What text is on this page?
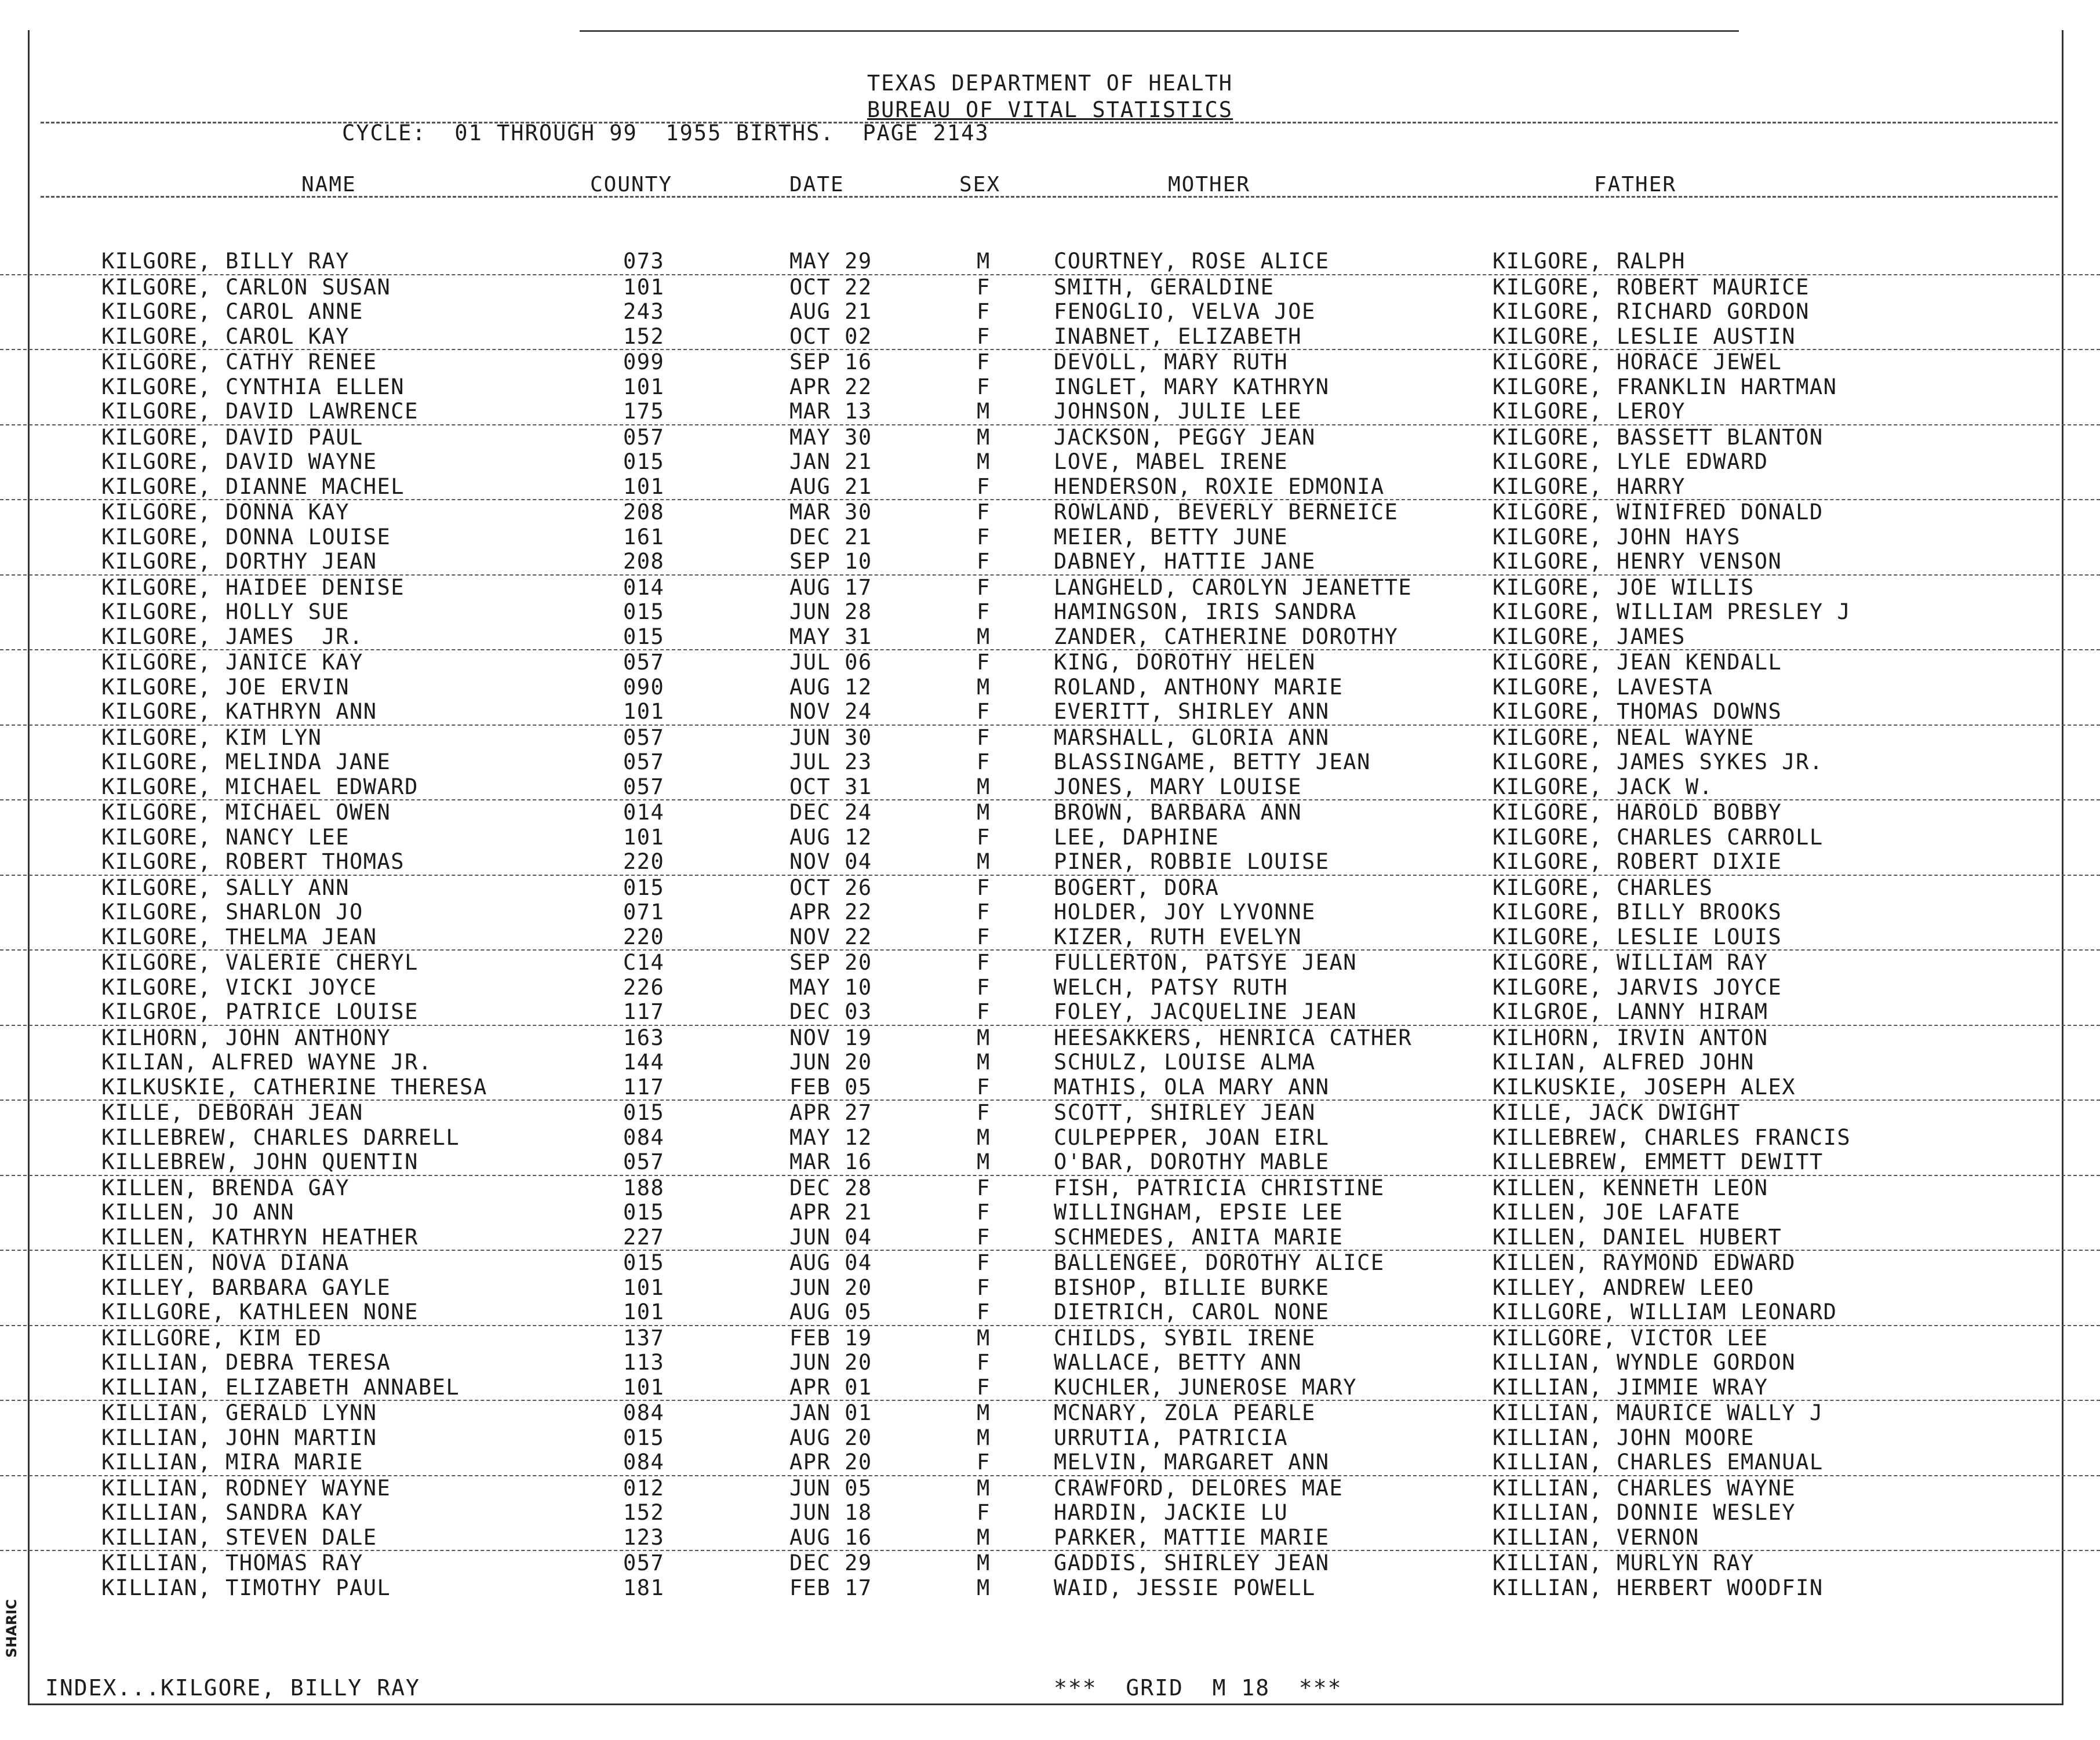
TEXAS DEPARTMENT OF HEALTH
BUREAU OF VITAL STATISTICS
CYCLE:  01 THROUGH 99  1955 BIRTHS.  PAGE 2143
NAME	COUNTY	DATE	SEX	MOTHER	FATHER
KILGORE, BILLY RAY	073	MAY 29	M	COURTNEY, ROSE ALICE	KILGORE, RALPH
KILGORE, CARLON SUSAN	101	OCT 22	F	SMITH, GERALDINE	KILGORE, ROBERT MAURICE
KILGORE, CAROL ANNE	243	AUG 21	F	FENOGLIO, VELVA JOE	KILGORE, RICHARD GORDON
KILGORE, CAROL KAY	152	OCT 02	F	INABNET, ELIZABETH	KILGORE, LESLIE AUSTIN
KILGORE, CATHY RENEE	099	SEP 16	F	DEVOLL, MARY RUTH	KILGORE, HORACE JEWEL
KILGORE, CYNTHIA ELLEN	101	APR 22	F	INGLET, MARY KATHRYN	KILGORE, FRANKLIN HARTMAN
KILGORE, DAVID LAWRENCE	175	MAR 13	M	JOHNSON, JULIE LEE	KILGORE, LEROY
KILGORE, DAVID PAUL	057	MAY 30	M	JACKSON, PEGGY JEAN	KILGORE, BASSETT BLANTON
KILGORE, DAVID WAYNE	015	JAN 21	M	LOVE, MABEL IRENE	KILGORE, LYLE EDWARD
KILGORE, DIANNE MACHEL	101	AUG 21	F	HENDERSON, ROXIE EDMONIA	KILGORE, HARRY
KILGORE, DONNA KAY	208	MAR 30	F	ROWLAND, BEVERLY BERNEICE	KILGORE, WINIFRED DONALD
KILGORE, DONNA LOUISE	161	DEC 21	F	MEIER, BETTY JUNE	KILGORE, JOHN HAYS
KILGORE, DORTHY JEAN	208	SEP 10	F	DABNEY, HATTIE JANE	KILGORE, HENRY VENSON
KILGORE, HAIDEE DENISE	014	AUG 17	F	LANGHELD, CAROLYN JEANETTE	KILGORE, JOE WILLIS
KILGORE, HOLLY SUE	015	JUN 28	F	HAMINGSON, IRIS SANDRA	KILGORE, WILLIAM PRESLEY J
KILGORE, JAMES  JR.	015	MAY 31	M	ZANDER, CATHERINE DOROTHY	KILGORE, JAMES
KILGORE, JANICE KAY	057	JUL 06	F	KING, DOROTHY HELEN	KILGORE, JEAN KENDALL
KILGORE, JOE ERVIN	090	AUG 12	M	ROLAND, ANTHONY MARIE	KILGORE, LAVESTA
KILGORE, KATHRYN ANN	101	NOV 24	F	EVERITT, SHIRLEY ANN	KILGORE, THOMAS DOWNS
KILGORE, KIM LYN	057	JUN 30	F	MARSHALL, GLORIA ANN	KILGORE, NEAL WAYNE
KILGORE, MELINDA JANE	057	JUL 23	F	BLASSINGAME, BETTY JEAN	KILGORE, JAMES SYKES JR.
KILGORE, MICHAEL EDWARD	057	OCT 31	M	JONES, MARY LOUISE	KILGORE, JACK W.
KILGORE, MICHAEL OWEN	014	DEC 24	M	BROWN, BARBARA ANN	KILGORE, HAROLD BOBBY
KILGORE, NANCY LEE	101	AUG 12	F	LEE, DAPHINE	KILGORE, CHARLES CARROLL
KILGORE, ROBERT THOMAS	220	NOV 04	M	PINER, ROBBIE LOUISE	KILGORE, ROBERT DIXIE
KILGORE, SALLY ANN	015	OCT 26	F	BOGERT, DORA	KILGORE, CHARLES
KILGORE, SHARLON JO	071	APR 22	F	HOLDER, JOY LYVONNE	KILGORE, BILLY BROOKS
KILGORE, THELMA JEAN	220	NOV 22	F	KIZER, RUTH EVELYN	KILGORE, LESLIE LOUIS
KILGORE, VALERIE CHERYL	C14	SEP 20	F	FULLERTON, PATSYE JEAN	KILGORE, WILLIAM RAY
KILGORE, VICKI JOYCE	226	MAY 10	F	WELCH, PATSY RUTH	KILGORE, JARVIS JOYCE
KILGROE, PATRICE LOUISE	117	DEC 03	F	FOLEY, JACQUELINE JEAN	KILGROE, LANNY HIRAM
KILHORN, JOHN ANTHONY	163	NOV 19	M	HEESAKKERS, HENRICA CATHER	KILHORN, IRVIN ANTON
KILIAN, ALFRED WAYNE JR.	144	JUN 20	M	SCHULZ, LOUISE ALMA	KILIAN, ALFRED JOHN
KILKUSKIE, CATHERINE THERESA	117	FEB 05	F	MATHIS, OLA MARY ANN	KILKUSKIE, JOSEPH ALEX
KILLE, DEBORAH JEAN	015	APR 27	F	SCOTT, SHIRLEY JEAN	KILLE, JACK DWIGHT
KILLEBREW, CHARLES DARRELL	084	MAY 12	M	CULPEPPER, JOAN EIRL	KILLEBREW, CHARLES FRANCIS
KILLEBREW, JOHN QUENTIN	057	MAR 16	M	O'BAR, DOROTHY MABLE	KILLEBREW, EMMETT DEWITT
KILLEN, BRENDA GAY	188	DEC 28	F	FISH, PATRICIA CHRISTINE	KILLEN, KENNETH LEON
KILLEN, JO ANN	015	APR 21	F	WILLINGHAM, EPSIE LEE	KILLEN, JOE LAFATE
KILLEN, KATHRYN HEATHER	227	JUN 04	F	SCHMEDES, ANITA MARIE	KILLEN, DANIEL HUBERT
KILLEN, NOVA DIANA	015	AUG 04	F	BALLENGEE, DOROTHY ALICE	KILLEN, RAYMOND EDWARD
KILLEY, BARBARA GAYLE	101	JUN 20	F	BISHOP, BILLIE BURKE	KILLEY, ANDREW LEEO
KILLGORE, KATHLEEN NONE	101	AUG 05	F	DIETRICH, CAROL NONE	KILLGORE, WILLIAM LEONARD
KILLGORE, KIM ED	137	FEB 19	M	CHILDS, SYBIL IRENE	KILLGORE, VICTOR LEE
KILLIAN, DEBRA TERESA	113	JUN 20	F	WALLACE, BETTY ANN	KILLIAN, WYNDLE GORDON
KILLIAN, ELIZABETH ANNABEL	101	APR 01	F	KUCHLER, JUNEROSE MARY	KILLIAN, JIMMIE WRAY
KILLIAN, GERALD LYNN	084	JAN 01	M	MCNARY, ZOLA PEARLE	KILLIAN, MAURICE WALLY J
KILLIAN, JOHN MARTIN	015	AUG 20	M	URRUTIA, PATRICIA	KILLIAN, JOHN MOORE
KILLIAN, MIRA MARIE	084	APR 20	F	MELVIN, MARGARET ANN	KILLIAN, CHARLES EMANUAL
KILLIAN, RODNEY WAYNE	012	JUN 05	M	CRAWFORD, DELORES MAE	KILLIAN, CHARLES WAYNE
KILLIAN, SANDRA KAY	152	JUN 18	F	HARDIN, JACKIE LU	KILLIAN, DONNIE WESLEY
KILLIAN, STEVEN DALE	123	AUG 16	M	PARKER, MATTIE MARIE	KILLIAN, VERNON
KILLIAN, THOMAS RAY	057	DEC 29	M	GADDIS, SHIRLEY JEAN	KILLIAN, MURLYN RAY
KILLIAN, TIMOTHY PAUL	181	FEB 17	M	WAID, JESSIE POWELL	KILLIAN, HERBERT WOODFIN
INDEX...KILGORE, BILLY RAY	***  GRID  M 18  ***
SHARIC
